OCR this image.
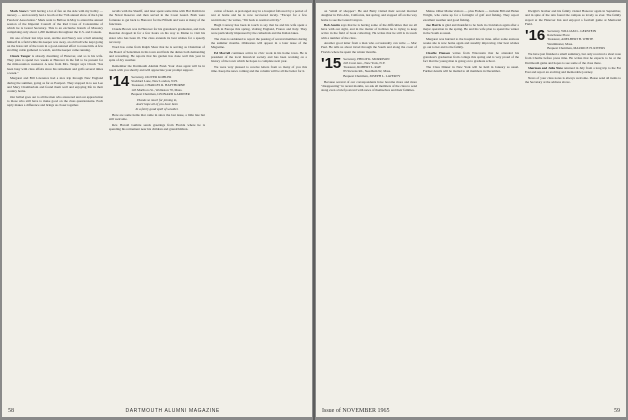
Mark Snow's "still having a lot of fun on the side with my hobby — nursery — and recently had a booth at the 75th annual show of the Lynn Fanciers' Association." Mark went to Balboa in May to attend the annual session of the Imperial Council of the Red Cross of Constantine of which he is Grand Secretary. This is an exclusive branch of Masonry comprising only about 1,200 members throughout the U.S. and Canada.

On one of their last trips west, Archie and Nancy saw a bull amusing himself in a field while his keeper was away, an old bull who kept going on the brass rail of the town in a good-natured effort to rouse him. A few strolling cattle gathered to watch, and the keeper came running.

Chuck Tanger is already dreaming of Hanover, and so is his wife. They plan to spend two weeks at Hanover in the fall to be present for the mini-reunion weekend. A note from Mrs. Tanger says Chuck "has been busy with class affairs since his retirement and golfs several times a week."

Margaret and Bill Lawrence had a nice trip through New England during the summer, going as far as Eastport. They stopped in to see Lee and Mary Chamberlain and found them well and enjoying life in their country home.

Our ballad goes out to all the men who answered and our appreciation to those who still have to make good on the class questionnaire. Each reply makes a difference and brings us closer together.

recalls with the Sheriff, and later spent some time with Hal Dobbin in the Naval Reserve and then served in the Coast Guard. Both were fortunate to get back to Hanover for the Fiftieth and were at many of the functions.

Claude Brown was in Hanover for his grandson's graduation, and Jack Reardon dropped in for a few hours on his way to Maine to visit his sister who has been ill. The class extends its best wishes for a speedy recovery.

Word has come from Ralph Shaw that he is serving as Chairman of the Board of Selectmen in his town and finds the duties both demanding and rewarding. He reports that his garden has done well this year in spite of dry weather.

Remember the Dartmouth Alumni Fund. Your class agent will be in touch with you shortly and will appreciate your prompt support.

'14 Secretary, OLIVER KOHLER
Stoddard Lane, New London, N.H.
Treasurer, CHARLES R. HAYTHORNE
145 Marlboro St., Wollaston 70, Mass.
Bequest Chairman, LEONARD GARDNER
Thanks so much for joining in,
And I hope all of you have been
In a fairly good spell of weather.

Here are some items that came in since the last issue, a little late but still welcome.

Rev. Harold Guthrie sends greetings from Florida where he is spending his retirement near his children and grandchildren.

cation of heart. A prolonged stay in a hospital followed by a period of rest at home and he is now recovered nicely. "Except for a few restrictions," he writes, "I'm back to normal activity."

Hugh Conway has been in touch to say that he and his wife spent a month in Europe this spring, visiting England, France and Italy. They were particularly impressed by the cathedrals and the Italian lakes.

The class is saddened to report the passing of several members during the summer months. Obituaries will appear in a later issue of the Magazine.

Ed Morrell continues active in civic work in his home town. He is president of the local historical society and has been working on a history of the town which he hopes to complete next year.

We were very pleased to receive letters from so many of you this time. Keep the news coming and the column will be all the better for it.

58	DARTMOUTH ALUMNI MAGAZINE

on "small ol' shoppes". He and Betty visited their second married daughter in Palo Alto, California, last spring, and stopped off on the way home to see the Grand Canyon.

Bob Austin says that he is having some of the difficulties that we all have with our sight, and in the matter of hobbies he is trying to keep active in the field of book collecting. He writes that he still is in touch with a number of the class.

Another good letter from a man who occasionally can write — Mac Paul. He tells us about travel through the South and along the coast of Florida where he spent the winter months.

'15 Secretary, PHILIP K. MORRISON
245 Crest Ave., New York, N.Y.
Treasurer, ROBERT L. RAY
83 Stevens Rd., Needham 92, Mass.
Bequest Chairman, JOSEPH L. LAVERTY

Because several of our correspondents have become more and more "disappearing" in recent months, we ask all members of the class to send along even a brief postcard with news of themselves and their families.

Maine. Other Maine visitors — plus Fishers — include Bill and Helen Wright, who came up for a fortnight of golf and fishing. They report excellent weather and good fishing.

Joe Harris is glad and thankful to be back in circulation again after a major operation in the spring. He and his wife plan to spend the winter in the South as usual.

Margaret was hurried to the hospital late in June. After some anxious weeks she is now home again and steadily improving. Our best wishes go out to her and to the family.

Charlie Hanson writes from Wisconsin that he attended his grandson's graduation from college this spring and is very proud of the fact that the young man is going on to graduate school.

The Class Dinner in New York will be held in January as usual. Further details will be mailed to all members in December.

Dwight's brother and his family visited Hanover again in September, and in spite of the rain found the campus as lovely as ever. The family stayed at the Hanover Inn and enjoyed a football game at Memorial Field.

'16 Secretary, WILLIAM L. GERSTEIN
Ranchouse Place
Treasurer, ADELBERT B. WHITE
Westminster, Mass.
Bequest Chairman, MAURICE H. RIVERS

We have just finished a small summary, but only received a short note from Charlie before press time. He writes that he expects to be at the Dartmouth game and hopes to see some of the class there.

Sherman and Julia Nute returned in July from a long trip to the Far East and report an exciting and memorable journey.

News of your class notes is always welcome. Please send all items to the Secretary at the address above.

Issue of NOVEMBER 1965	59
